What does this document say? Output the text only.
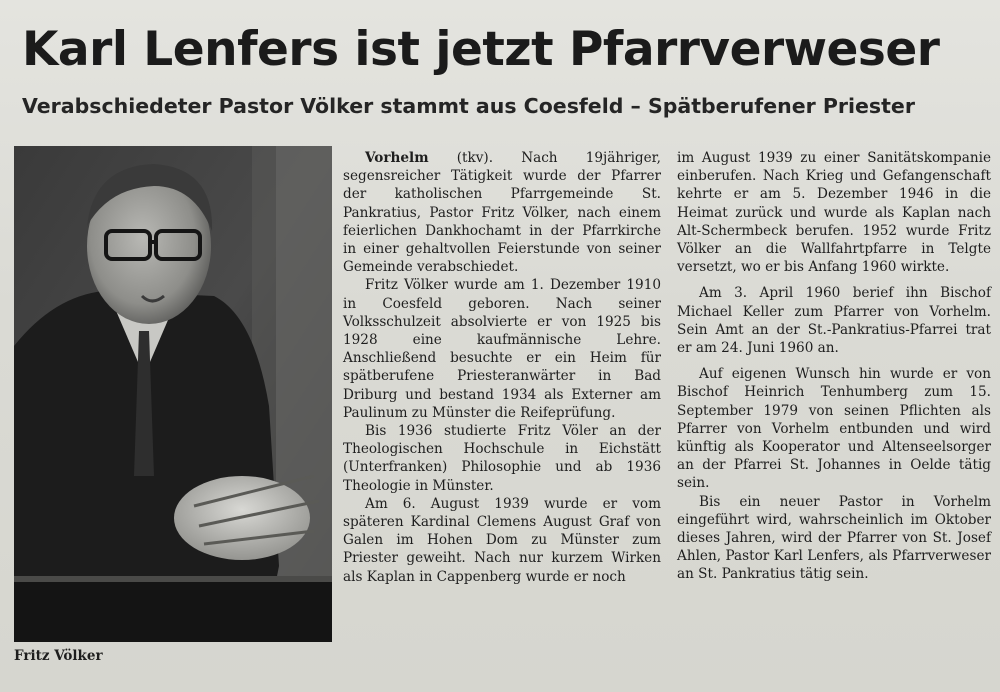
Karl Lenfers ist jetzt Pfarrverweser
Verabschiedeter Pastor Völker stammt aus Coesfeld – Spätberufener Priester
Fritz Völker

Vorhelm (tkv). Nach 19jähriger, segensreicher Tätigkeit wurde der Pfarrer der katholischen Pfarrgemeinde St. Pankratius, Pastor Fritz Völker, nach einem feierlichen Dankhochamt in der Pfarrkirche in einer gehaltvollen Feierstunde von seiner Gemeinde verabschiedet.

Fritz Völker wurde am 1. Dezember 1910 in Coesfeld geboren. Nach seiner Volksschulzeit absolvierte er von 1925 bis 1928 eine kaufmännische Lehre. Anschließend besuchte er ein Heim für spätberufene Priesteranwärter in Bad Driburg und bestand 1934 als Externer am Paulinum zu Münster die Reifeprüfung.

Bis 1936 studierte Fritz Völer an der Theologischen Hochschule in Eichstätt (Unterfranken) Philosophie und ab 1936 Theologie in Münster.

Am 6. August 1939 wurde er vom späteren Kardinal Clemens August Graf von Galen im Hohen Dom zu Münster zum Priester geweiht. Nach nur kurzem Wirken als Kaplan in Cappenberg wurde er noch

im August 1939 zu einer Sanitätskompanie einberufen. Nach Krieg und Gefangenschaft kehrte er am 5. Dezember 1946 in die Heimat zurück und wurde als Kaplan nach Alt-Schermbeck berufen. 1952 wurde Fritz Völker an die Wallfahrtpfarre in Telgte versetzt, wo er bis Anfang 1960 wirkte.

Am 3. April 1960 berief ihn Bischof Michael Keller zum Pfarrer von Vorhelm. Sein Amt an der St.-Pankratius-Pfarrei trat er am 24. Juni 1960 an.

Auf eigenen Wunsch hin wurde er von Bischof Heinrich Tenhumberg zum 15. September 1979 von seinen Pflichten als Pfarrer von Vorhelm entbunden und wird künftig als Kooperator und Altenseelsorger an der Pfarrei St. Johannes in Oelde tätig sein.

Bis ein neuer Pastor in Vorhelm eingeführt wird, wahrscheinlich im Oktober dieses Jahren, wird der Pfarrer von St. Josef Ahlen, Pastor Karl Lenfers, als Pfarrverweser an St. Pankratius tätig sein.
